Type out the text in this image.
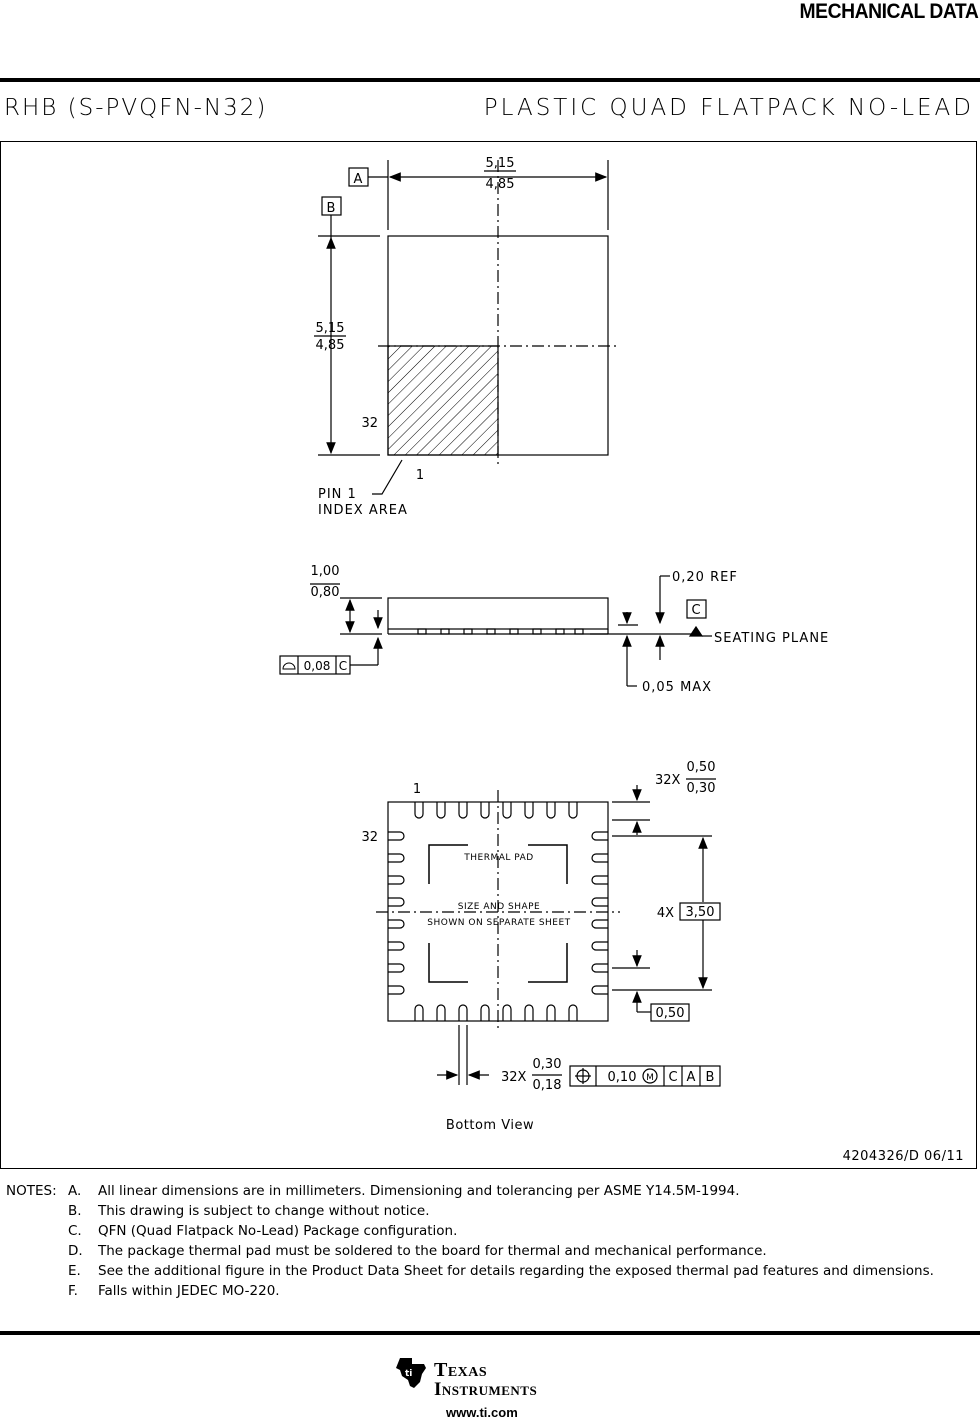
MECHANICAL DATA
RHB (S-PVQFN-N32)	PLASTIC QUAD FLATPACK NO-LEAD
A
B
5,15
4,85
5,15
4,85
32
1
PIN 1
INDEX AREA
1,00
0,80
0,20 REF
C
SEATING PLANE
0,05 MAX
0,08 C
1
32
32X
0,50
0,30
THERMAL PAD
SIZE AND SHAPE
SHOWN ON SEPARATE SHEET
4X 3,50
0,50
32X
0,30
0,18
0,10 M C A B
Bottom View
4204326/D 06/11
NOTES: A.	All linear dimensions are in millimeters. Dimensioning and tolerancing per ASME Y14.5M-1994.
B.	This drawing is subject to change without notice.
C.	QFN (Quad Flatpack No-Lead) Package configuration.
D.	The package thermal pad must be soldered to the board for thermal and mechanical performance.
E.	See the additional figure in the Product Data Sheet for details regarding the exposed thermal pad features and dimensions.
F.	Falls within JEDEC MO-220.
ti Texas
Instruments
www.ti.com
